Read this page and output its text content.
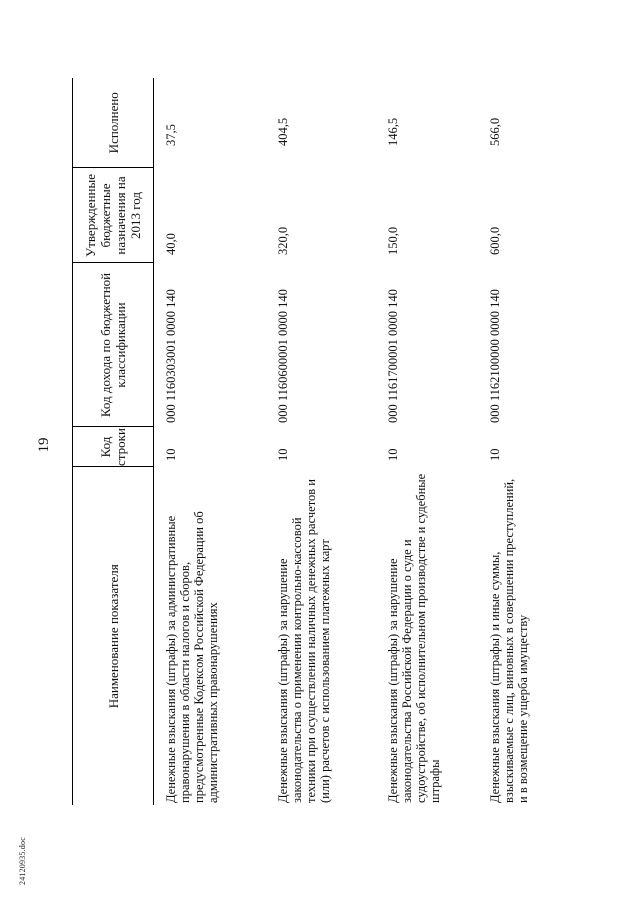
19
Наименование показателя	Код строки	Код дохода по бюджетной классификации	Утвержденные бюджетные назначения на 2013 год	Исполнено
Денежные взыскания (штрафы) за административные правонарушения в области налогов и сборов, предусмотренные Кодексом Российской Федерации об административных правонарушениях	10	000 1160303001 0000 140	40,0	37,5
Денежные взыскания (штрафы) за нарушение законодательства о применении контрольно-кассовой техники при осуществлении наличных денежных расчетов и (или) расчетов с использованием платежных карт	10	000 1160600001 0000 140	320,0	404,5
Денежные взыскания (штрафы) за нарушение законодательства Российской Федерации о суде и судоустройстве, об исполнительном производстве и судебные штрафы	10	000 1161700001 0000 140	150,0	146,5
Денежные взыскания (штрафы) и иные суммы, взыскиваемые с лиц, виновных в совершении преступлений, и в возмещение ущерба имуществу	10	000 1162100000 0000 140	600,0	566,0
24120935.doc
